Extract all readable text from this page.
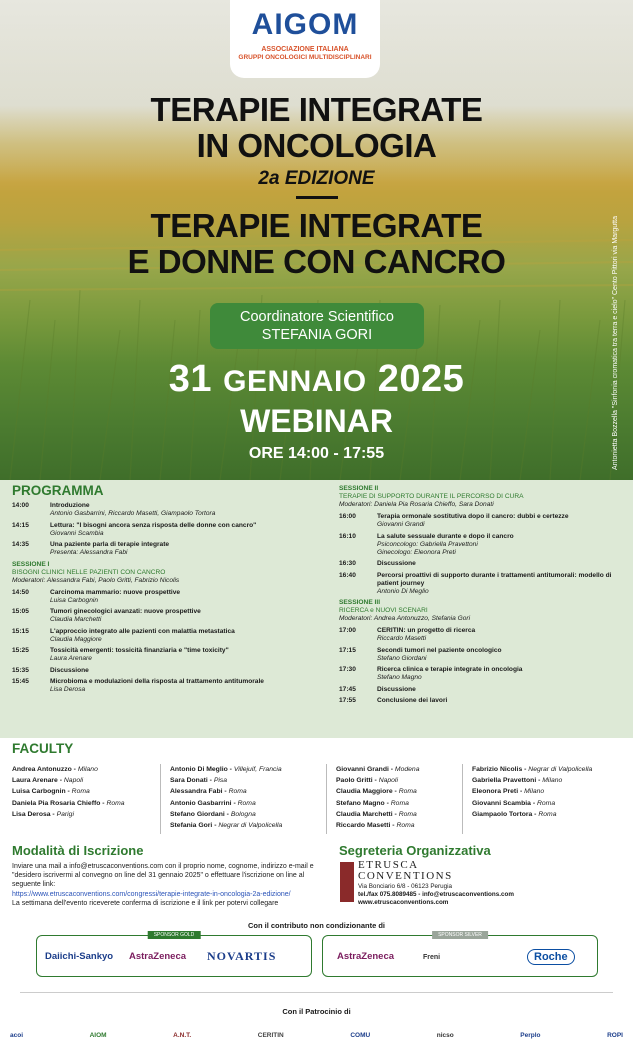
AIGOM
ASSOCIAZIONE ITALIANA
GRUPPI ONCOLOGICI MULTIDISCIPLINARI
TERAPIE INTEGRATE
IN ONCOLOGIA
2a EDIZIONE
TERAPIE INTEGRATE
E DONNE CON CANCRO
Coordinatore Scientifico
STEFANIA GORI
31 GENNAIO 2025
WEBINAR
ORE 14:00 - 17:55	Antonietta Bozzella "Sinfonia cromatica tra terra e cielo" Cento Pittori via Margutta
PROGRAMMA
14:00	Introduzione
Antonio Gasbarrini, Riccardo Masetti, Giampaolo Tortora
14:15	Lettura: "I bisogni ancora senza risposta delle donne con cancro"
Giovanni Scambia
14:35	Una paziente parla di terapie integrate
Presenta: Alessandra Fabi
SESSIONE I
BISOGNI CLINICI NELLE PAZIENTI CON CANCRO
Moderatori: Alessandra Fabi, Paolo Gritti, Fabrizio Nicolis
14:50	Carcinoma mammario: nuove prospettive
Luisa Carbognin
15:05	Tumori ginecologici avanzati: nuove prospettive
Claudia Marchetti
15:15	L'approccio integrato alle pazienti con malattia metastatica
Claudia Maggiore
15:25	Tossicità emergenti: tossicità finanziaria e "time toxicity"
Laura Arenare
15:35	Discussione
15:45	Microbioma e modulazioni della risposta al trattamento antitumorale
Lisa Derosa
SESSIONE II
TERAPIE DI SUPPORTO DURANTE IL PERCORSO DI CURA
Moderatori: Daniela Pia Rosaria Chieffo, Sara Donati
16:00	Terapia ormonale sostitutiva dopo il cancro: dubbi e certezze
Giovanni Grandi
16:10	La salute sessuale durante e dopo il cancro
Psiconcologo: Gabriella Pravettoni
Ginecologo: Eleonora Preti
16:30	Discussione
16:40	Percorsi proattivi di supporto durante i trattamenti antitumorali: modello di patient journey
Antonio Di Meglio
SESSIONE III
RICERCA e NUOVI SCENARI
Moderatori: Andrea Antonuzzo, Stefania Gori
17:00	CERITIN: un progetto di ricerca
Riccardo Masetti
17:15	Secondi tumori nel paziente oncologico
Stefano Giordani
17:30	Ricerca clinica e terapie integrate in oncologia
Stefano Magno
17:45	Discussione
17:55	Conclusione dei lavori
FACULTY
Andrea Antonuzzo - Milano
Laura Arenare - Napoli
Luisa Carbognin - Roma
Daniela Pia Rosaria Chieffo - Roma
Lisa Derosa - Parigi
Antonio Di Meglio - Villejuif, Francia
Sara Donati - Pisa
Alessandra Fabi - Roma
Antonio Gasbarrini - Roma
Stefano Giordani - Bologna
Stefania Gori - Negrar di Valpolicella
Giovanni Grandi - Modena
Paolo Gritti - Napoli
Claudia Maggiore - Roma
Stefano Magno - Roma
Claudia Marchetti - Roma
Riccardo Masetti - Roma
Fabrizio Nicolis - Negrar di Valpolicella
Gabriella Pravettoni - Milano
Eleonora Preti - Milano
Giovanni Scambia - Roma
Giampaolo Tortora - Roma
Modalità di Iscrizione
Inviare una mail a info@etruscaconventions.com con il proprio nome, cognome, indirizzo e-mail e "desidero iscrivermi al convegno on line del 31 gennaio 2025" o effettuare l'iscrizione on line al seguente link:
https://www.etruscaconventions.com/congressi/terapie-integrate-in-oncologia-2a-edizione/
La settimana dell'evento riceverete conferma di iscrizione e il link per potervi collegare
Segreteria Organizzativa
ETRUSCA
CONVENTIONS
Via Bonciario 6/8 - 06123 Perugia
tel./fax 075.8089485 - info@etruscaconventions.com
www.etruscaconventions.com
Con il contributo non condizionante di
SPONSOR GOLD
Daiichi-Sankyo AstraZeneca NOVARTIS
SPONSOR SILVER
AstraZeneca	Freni	Roche
Con il Patrocinio di
acoi	AIOM	A.N.T.	CERITIN	COMU	nicso	Perplo	ROPI
